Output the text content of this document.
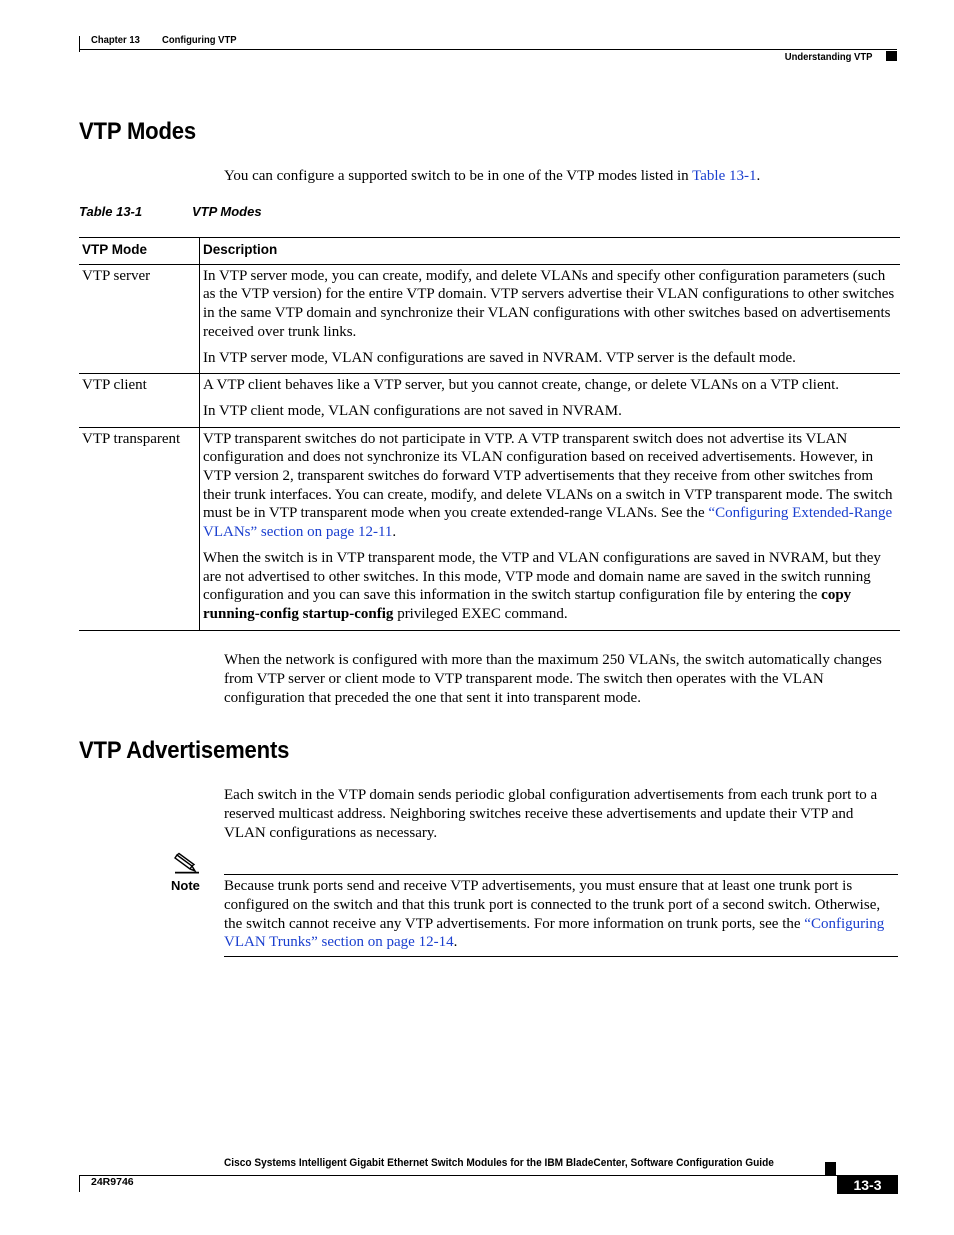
Chapter 13 Configuring VTP
Understanding VTP
VTP Modes
You can configure a supported switch to be in one of the VTP modes listed in Table 13-1.
Table 13-1	VTP Modes
VTP Mode	Description
VTP server	In VTP server mode, you can create, modify, and delete VLANs and specify other configuration parameters (such as the VTP version) for the entire VTP domain. VTP servers advertise their VLAN configurations to other switches in the same VTP domain and synchronize their VLAN configurations with other switches based on advertisements received over trunk links.

In VTP server mode, VLAN configurations are saved in NVRAM. VTP server is the default mode.

VTP client	A VTP client behaves like a VTP server, but you cannot create, change, or delete VLANs on a VTP client.

In VTP client mode, VLAN configurations are not saved in NVRAM.

VTP transparent	VTP transparent switches do not participate in VTP. A VTP transparent switch does not advertise its VLAN configuration and does not synchronize its VLAN configuration based on received advertisements. However, in VTP version 2, transparent switches do forward VTP advertisements that they receive from other switches from their trunk interfaces. You can create, modify, and delete VLANs on a switch in VTP transparent mode. The switch must be in VTP transparent mode when you create extended-range VLANs. See the “Configuring Extended-Range VLANs” section on page 12-11.

When the switch is in VTP transparent mode, the VTP and VLAN configurations are saved in NVRAM, but they are not advertised to other switches. In this mode, VTP mode and domain name are saved in the switch running configuration and you can save this information in the switch startup configuration file by entering the copy running-config startup-config privileged EXEC command.

When the network is configured with more than the maximum 250 VLANs, the switch automatically changes from VTP server or client mode to VTP transparent mode. The switch then operates with the VLAN configuration that preceded the one that sent it into transparent mode.
VTP Advertisements
Each switch in the VTP domain sends periodic global configuration advertisements from each trunk port to a reserved multicast address. Neighboring switches receive these advertisements and update their VTP and VLAN configurations as necessary.
Note Because trunk ports send and receive VTP advertisements, you must ensure that at least one trunk port is configured on the switch and that this trunk port is connected to the trunk port of a second switch. Otherwise, the switch cannot receive any VTP advertisements. For more information on trunk ports, see the “Configuring VLAN Trunks” section on page 12-14.
Cisco Systems Intelligent Gigabit Ethernet Switch Modules for the IBM BladeCenter, Software Configuration Guide
24R9746	13-3
